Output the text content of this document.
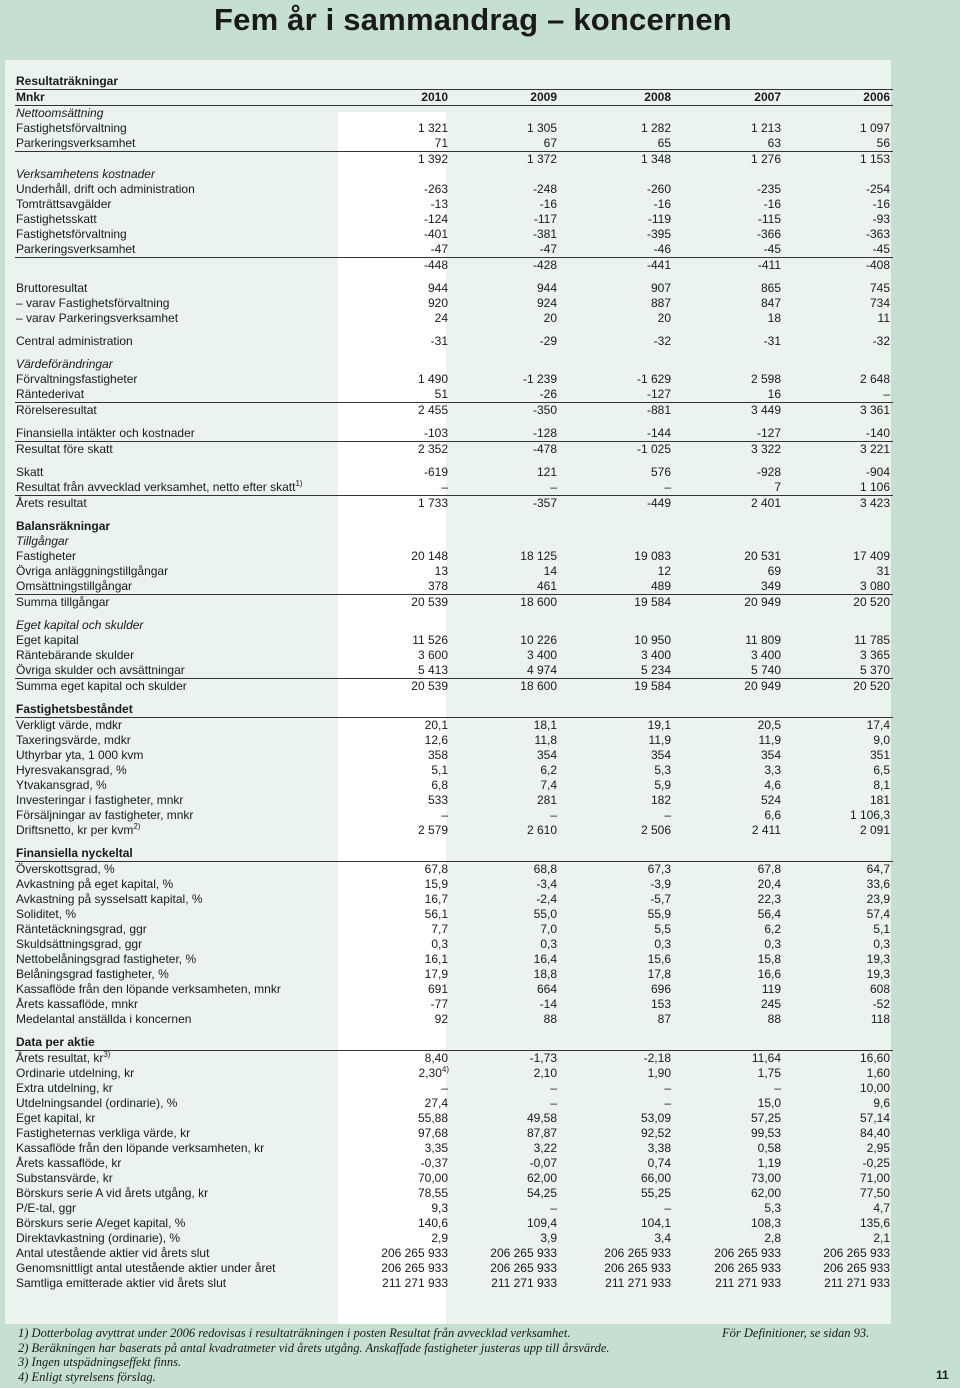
Fem år i sammandrag – koncernen
Resultaträkningar					
Mnkr	2010	2009	2008	2007	2006
Nettoomsättning					
Fastighetsförvaltning	1 321	1 305	1 282	1 213	1 097
Parkeringsverksamhet	71	67	65	63	56
	1 392	1 372	1 348	1 276	1 153
Verksamhetens kostnader					
Underhåll, drift och administration	-263	-248	-260	-235	-254
Tomträttsavgälder	-13	-16	-16	-16	-16
Fastighetsskatt	-124	-117	-119	-115	-93
Fastighetsförvaltning	-401	-381	-395	-366	-363
Parkeringsverksamhet	-47	-47	-46	-45	-45
	-448	-428	-441	-411	-408

Bruttoresultat	944	944	907	865	745
– varav Fastighetsförvaltning	920	924	887	847	734
– varav Parkeringsverksamhet	24	20	20	18	11

Central administration	-31	-29	-32	-31	-32

Värdeförändringar					
Förvaltningsfastigheter	1 490	-1 239	-1 629	2 598	2 648
Räntederivat	51	-26	-127	16	–
Rörelseresultat	2 455	-350	-881	3 449	3 361

Finansiella intäkter och kostnader	-103	-128	-144	-127	-140
Resultat före skatt	2 352	-478	-1 025	3 322	3 221

Skatt	-619	121	576	-928	-904
Resultat från avvecklad verksamhet, netto efter skatt$^{1)}$	–	–	–	7	1 106
Årets resultat	1 733	-357	-449	2 401	3 423

Balansräkningar					
Tillgångar					
Fastigheter	20 148	18 125	19 083	20 531	17 409
Övriga anläggningstillgångar	13	14	12	69	31
Omsättningstillgångar	378	461	489	349	3 080
Summa tillgångar	20 539	18 600	19 584	20 949	20 520

Eget kapital och skulder					
Eget kapital	11 526	10 226	10 950	11 809	11 785
Räntebärande skulder	3 600	3 400	3 400	3 400	3 365
Övriga skulder och avsättningar	5 413	4 974	5 234	5 740	5 370
Summa eget kapital och skulder	20 539	18 600	19 584	20 949	20 520

Fastighetsbeståndet					
Verkligt värde, mdkr	20,1	18,1	19,1	20,5	17,4
Taxeringsvärde, mdkr	12,6	11,8	11,9	11,9	9,0
Uthyrbar yta, 1 000 kvm	358	354	354	354	351
Hyresvakansgrad, %	5,1	6,2	5,3	3,3	6,5
Ytvakansgrad, %	6,8	7,4	5,9	4,6	8,1
Investeringar i fastigheter, mnkr	533	281	182	524	181
Försäljningar av fastigheter, mnkr	–	–	–	6,6	1 106,3
Driftsnetto, kr per kvm$^{2)}$	2 579	2 610	2 506	2 411	2 091

Finansiella nyckeltal					
Överskottsgrad, %	67,8	68,8	67,3	67,8	64,7
Avkastning på eget kapital, %	15,9	-3,4	-3,9	20,4	33,6
Avkastning på sysselsatt kapital, %	16,7	-2,4	-5,7	22,3	23,9
Soliditet, %	56,1	55,0	55,9	56,4	57,4
Räntetäckningsgrad, ggr	7,7	7,0	5,5	6,2	5,1
Skuldsättningsgrad, ggr	0,3	0,3	0,3	0,3	0,3
Nettobelåningsgrad fastigheter, %	16,1	16,4	15,6	15,8	19,3
Belåningsgrad fastigheter, %	17,9	18,8	17,8	16,6	19,3
Kassaflöde från den löpande verksamheten, mnkr	691	664	696	119	608
Årets kassaflöde, mnkr	-77	-14	153	245	-52
Medelantal anställda i koncernen	92	88	87	88	118

Data per aktie					
Årets resultat, $kr^{3)}$	8,40	-1,73	-2,18	11,64	16,60
Ordinarie utdelning, kr	2,30$^{4)}$	2,10	1,90	1,75	1,60
Extra utdelning, kr	–	–	–	–	10,00
Utdelningsandel (ordinarie), %	27,4	–	–	15,0	9,6
Eget kapital, kr	55,88	49,58	53,09	57,25	57,14
Fastigheternas verkliga värde, kr	97,68	87,87	92,52	99,53	84,40
Kassaflöde från den löpande verksamheten, kr	3,35	3,22	3,38	0,58	2,95
Årets kassaflöde, kr	-0,37	-0,07	0,74	1,19	-0,25
Substansvärde, kr	70,00	62,00	66,00	73,00	71,00
Börskurs serie A vid årets utgång, kr	78,55	54,25	55,25	62,00	77,50
P/E-tal, ggr	9,3	–	–	5,3	4,7
Börskurs serie A/eget kapital, %	140,6	109,4	104,1	108,3	135,6
Direktavkastning (ordinarie), %	2,9	3,9	3,4	2,8	2,1
Antal utestående aktier vid årets slut	206 265 933	206 265 933	206 265 933	206 265 933	206 265 933
Genomsnittligt antal utestående aktier under året	206 265 933	206 265 933	206 265 933	206 265 933	206 265 933
Samtliga emitterade aktier vid årets slut	211 271 933	211 271 933	211 271 933	211 271 933	211 271 933
1) Dotterbolag avyttrat under 2006 redovisas i resultaträkningen i posten Resultat från avvecklad verksamhet.
2) Beräkningen har baserats på antal kvadratmeter vid årets utgång. Anskaffade fastigheter justeras upp till årsvärde.
3) Ingen utspädningseffekt finns.
4) Enligt styrelsens förslag.
För Definitioner, se sidan 93.
11
